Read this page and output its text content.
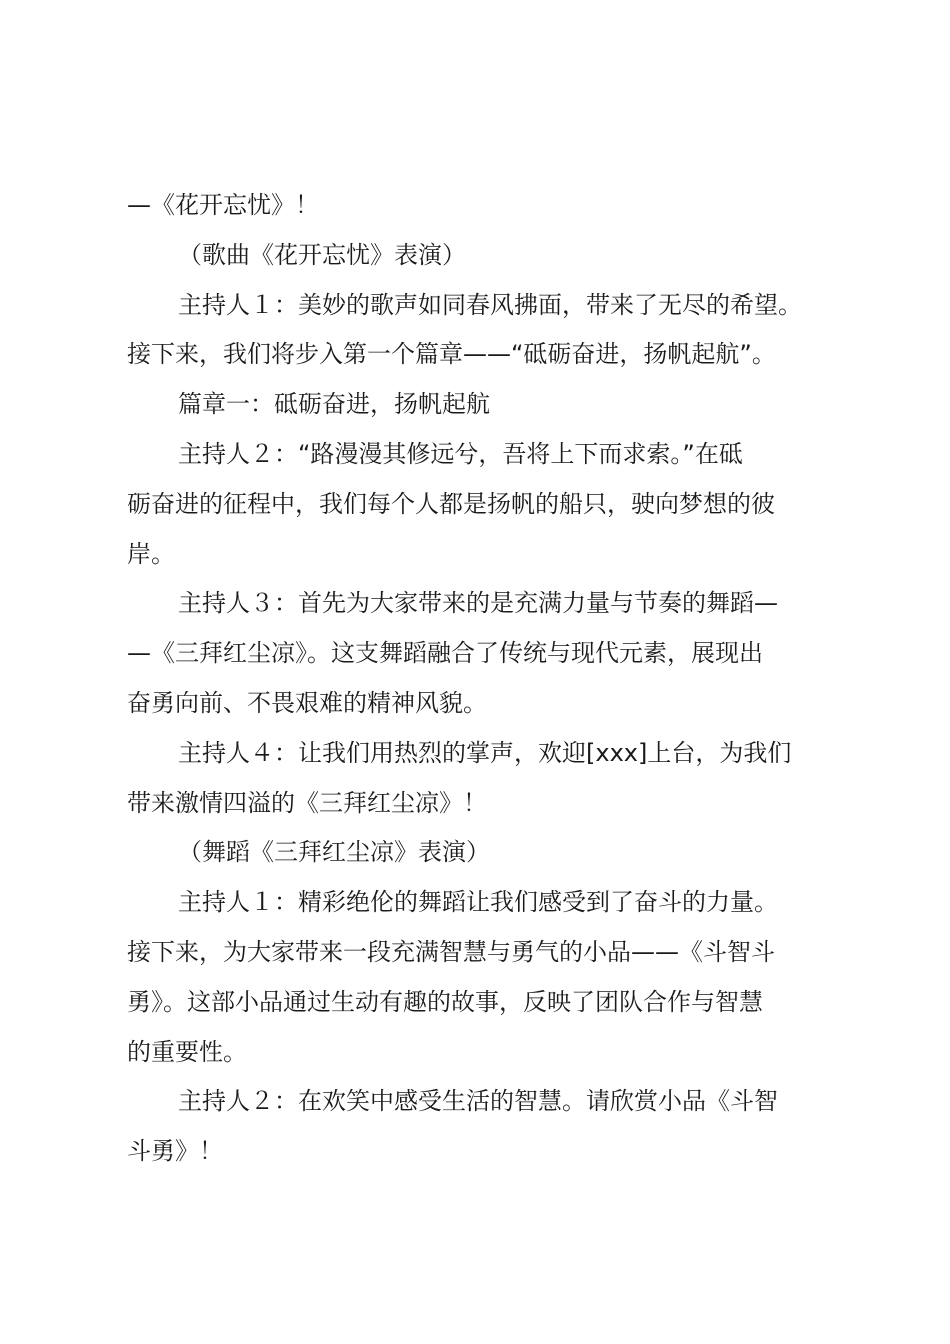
—《花开忘忧》！
（歌曲《花开忘忧》表演）
主持人１：美妙的歌声如同春风拂面，带来了无尽的希望。
接下来，我们将步入第一个篇章——“砥砺奋进，扬帆起航”。
篇章一：砥砺奋进，扬帆起航
主持人２：“路漫漫其修远兮，吾将上下而求索。”在砥
砺奋进的征程中，我们每个人都是扬帆的船只，驶向梦想的彼
岸。
主持人３：首先为大家带来的是充满力量与节奏的舞蹈—
—《三拜红尘凉》。这支舞蹈融合了传统与现代元素，展现出
奋勇向前、不畏艰难的精神风貌。
主持人４：让我们用热烈的掌声，欢迎[xxx]上台，为我们
带来激情四溢的《三拜红尘凉》！
（舞蹈《三拜红尘凉》表演）
主持人１：精彩绝伦的舞蹈让我们感受到了奋斗的力量。
接下来，为大家带来一段充满智慧与勇气的小品——《斗智斗
勇》。这部小品通过生动有趣的故事，反映了团队合作与智慧
的重要性。
主持人２：在欢笑中感受生活的智慧。请欣赏小品《斗智
斗勇》！
